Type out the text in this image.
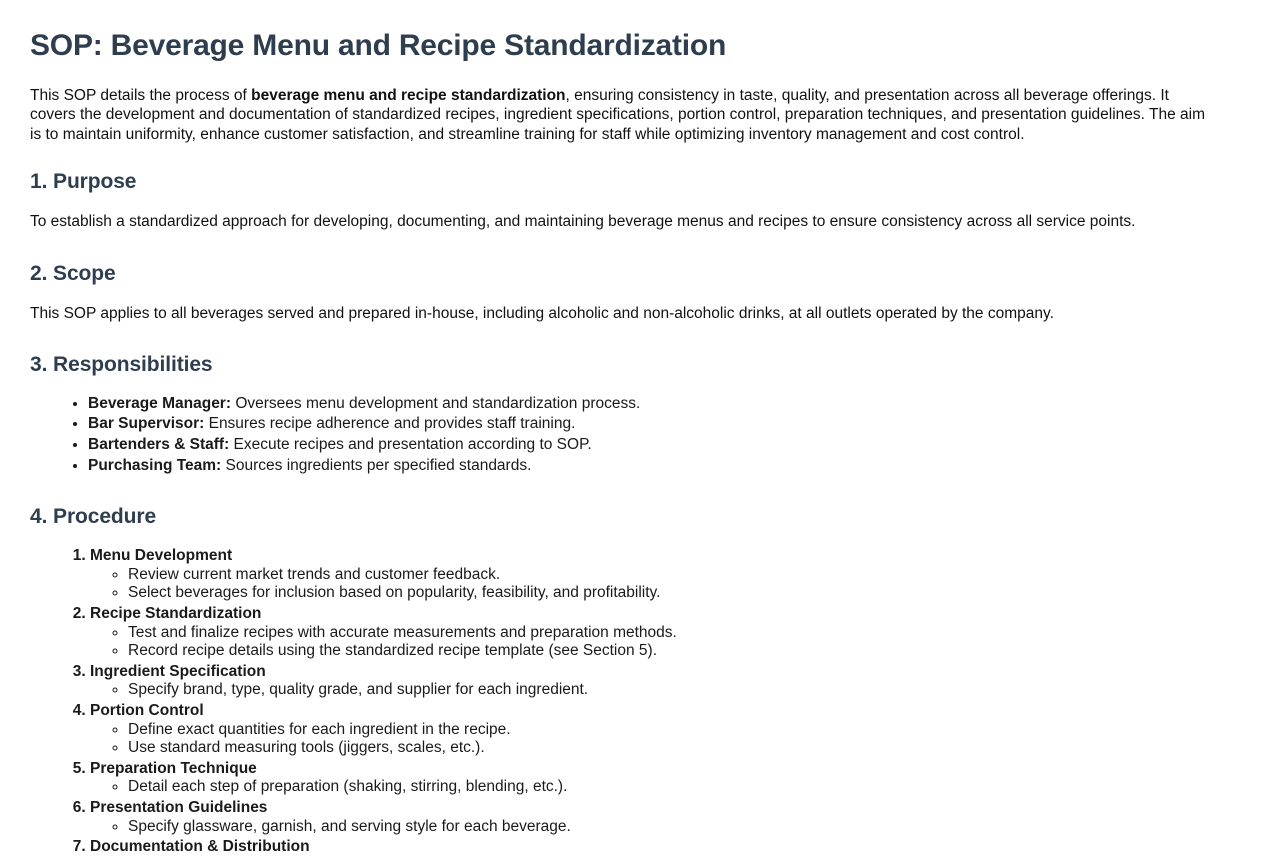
SOP: Beverage Menu and Recipe Standardization

This SOP details the process of beverage menu and recipe standardization, ensuring consistency in taste, quality, and presentation across all beverage offerings. It covers the development and documentation of standardized recipes, ingredient specifications, portion control, preparation techniques, and presentation guidelines. The aim is to maintain uniformity, enhance customer satisfaction, and streamline training for staff while optimizing inventory management and cost control.

1. Purpose

To establish a standardized approach for developing, documenting, and maintaining beverage menus and recipes to ensure consistency across all service points.

2. Scope

This SOP applies to all beverages served and prepared in-house, including alcoholic and non-alcoholic drinks, at all outlets operated by the company.

3. Responsibilities
• Beverage Manager: Oversees menu development and standardization process.
• Bar Supervisor: Ensures recipe adherence and provides staff training.
• Bartenders & Staff: Execute recipes and presentation according to SOP.
• Purchasing Team: Sources ingredients per specified standards.
4. Procedure
1. Menu Development
◦ Review current market trends and customer feedback.
◦ Select beverages for inclusion based on popularity, feasibility, and profitability.
2. Recipe Standardization
◦ Test and finalize recipes with accurate measurements and preparation methods.
◦ Record recipe details using the standardized recipe template (see Section 5).
3. Ingredient Specification
◦ Specify brand, type, quality grade, and supplier for each ingredient.
4. Portion Control
◦ Define exact quantities for each ingredient in the recipe.
◦ Use standard measuring tools (jiggers, scales, etc.).
5. Preparation Technique
◦ Detail each step of preparation (shaking, stirring, blending, etc.).
6. Presentation Guidelines
◦ Specify glassware, garnish, and serving style for each beverage.
7. Documentation & Distribution
